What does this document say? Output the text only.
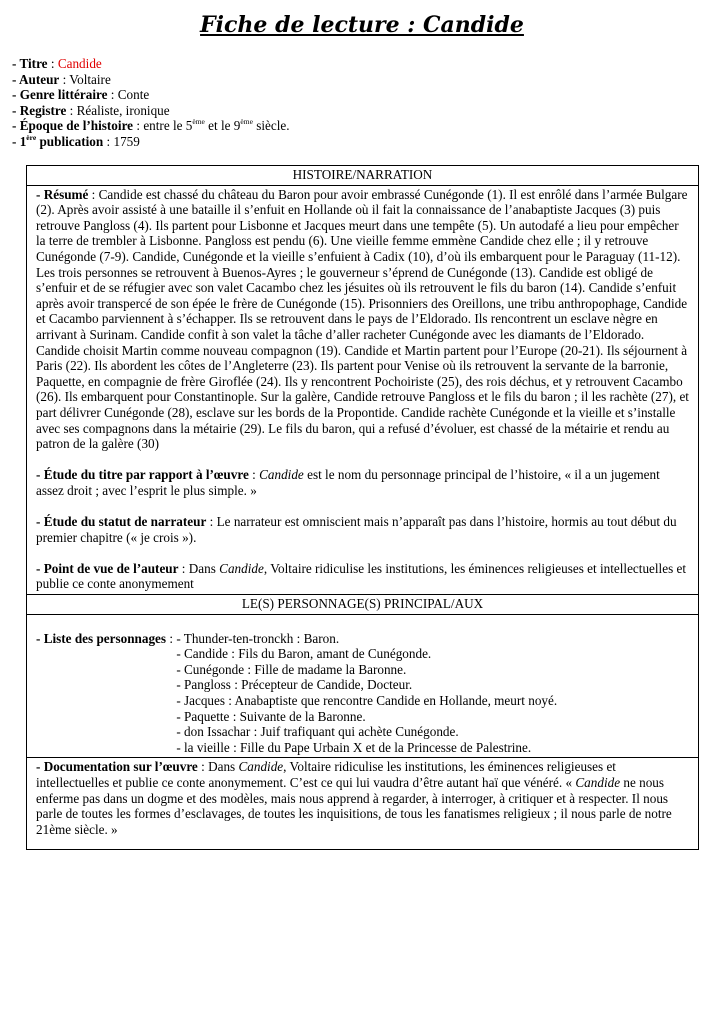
Fiche de lecture : Candide
- Titre : Candide
- Auteur : Voltaire
- Genre littéraire : Conte
- Registre : Réaliste, ironique
- Époque de l’histoire : entre le 5ème et le 9ème siècle.
- 1ère publication : 1759
HISTOIRE/NARRATION

- Résumé : Candide est chassé du château du Baron pour avoir embrassé Cunégonde (1). Il est enrôlé dans l’armée Bulgare (2). Après avoir assisté à une bataille il s’enfuit en Hollande où il fait la connaissance de l’anabaptiste Jacques (3) puis retrouve Pangloss (4). Ils partent pour Lisbonne et Jacques meurt dans une tempête (5). Un autodafé a lieu pour empêcher la terre de trembler à Lisbonne. Pangloss est pendu (6). Une vieille femme emmène Candide chez elle ; il y retrouve Cunégonde (7-9). Candide, Cunégonde et la vieille s’enfuient à Cadix (10), d’où ils embarquent pour le Paraguay (11-12). Les trois personnes se retrouvent à Buenos-Ayres ; le gouverneur s’éprend de Cunégonde (13). Candide est obligé de s’enfuir et de se réfugier avec son valet Cacambo chez les jésuites où ils retrouvent le fils du baron (14). Candide s’enfuit après avoir transpercé de son épée le frère de Cunégonde (15). Prisonniers des Oreillons, une tribu anthropophage, Candide et Cacambo parviennent à s’échapper. Ils se retrouvent dans le pays de l’Eldorado. Ils rencontrent un esclave nègre en arrivant à Surinam. Candide confit à son valet la tâche d’aller racheter Cunégonde avec les diamants de l’Eldorado. Candide choisit Martin comme nouveau compagnon (19). Candide et Martin partent pour l’Europe (20-21). Ils séjournent à Paris (22). Ils abordent les côtes de l’Angleterre (23). Ils partent pour Venise où ils retrouvent la servante de la barronie, Paquette, en compagnie de frère Giroflée (24). Ils y rencontrent Pochoiriste (25), des rois déchus, et y retrouvent Cacambo (26). Ils embarquent pour Constantinople. Sur la galère, Candide retrouve Pangloss et le fils du baron ; il les rachète (27), et part délivrer Cunégonde (28), esclave sur les bords de la Propontide. Candide rachète Cunégonde et la vieille et s’installe avec ses compagnons dans la métairie (29). Le fils du baron, qui a refusé d’évoluer, est chassé de la métairie et rendu au patron de la galère (30)

- Étude du titre par rapport à l’œuvre : Candide est le nom du personnage principal de l’histoire, « il a un jugement assez droit ; avec l’esprit le plus simple. »

- Étude du statut de narrateur : Le narrateur est omniscient mais n’apparaît pas dans l’histoire, hormis au tout début du premier chapitre (« je crois »).

- Point de vue de l’auteur : Dans Candide, Voltaire ridiculise les institutions, les éminences religieuses et intellectuelles et publie ce conte anonymement

LE(S) PERSONNAGE(S) PRINCIPAL/AUX

- Liste des personnages :	- Thunder-ten-tronckh : Baron.
- Candide : Fils du Baron, amant de Cunégonde.
- Cunégonde : Fille de madame la Baronne.
- Pangloss : Précepteur de Candide, Docteur.
- Jacques : Anabaptiste que rencontre Candide en Hollande, meurt noyé.
- Paquette : Suivante de la Baronne.
- don Issachar : Juif trafiquant qui achète Cunégonde.
- la vieille : Fille du Pape Urbain X et de la Princesse de Palestrine.

- Documentation sur l’œuvre : Dans Candide, Voltaire ridiculise les institutions, les éminences religieuses et intellectuelles et publie ce conte anonymement. C’est ce qui lui vaudra d’être autant haï que vénéré. « Candide ne nous enferme pas dans un dogme et des modèles, mais nous apprend à regarder, à interroger, à critiquer et à respecter. Il nous parle de toutes les formes d’esclavages, de toutes les inquisitions, de tous les fanatismes religieux ; il nous parle de notre 21ème siècle. »
